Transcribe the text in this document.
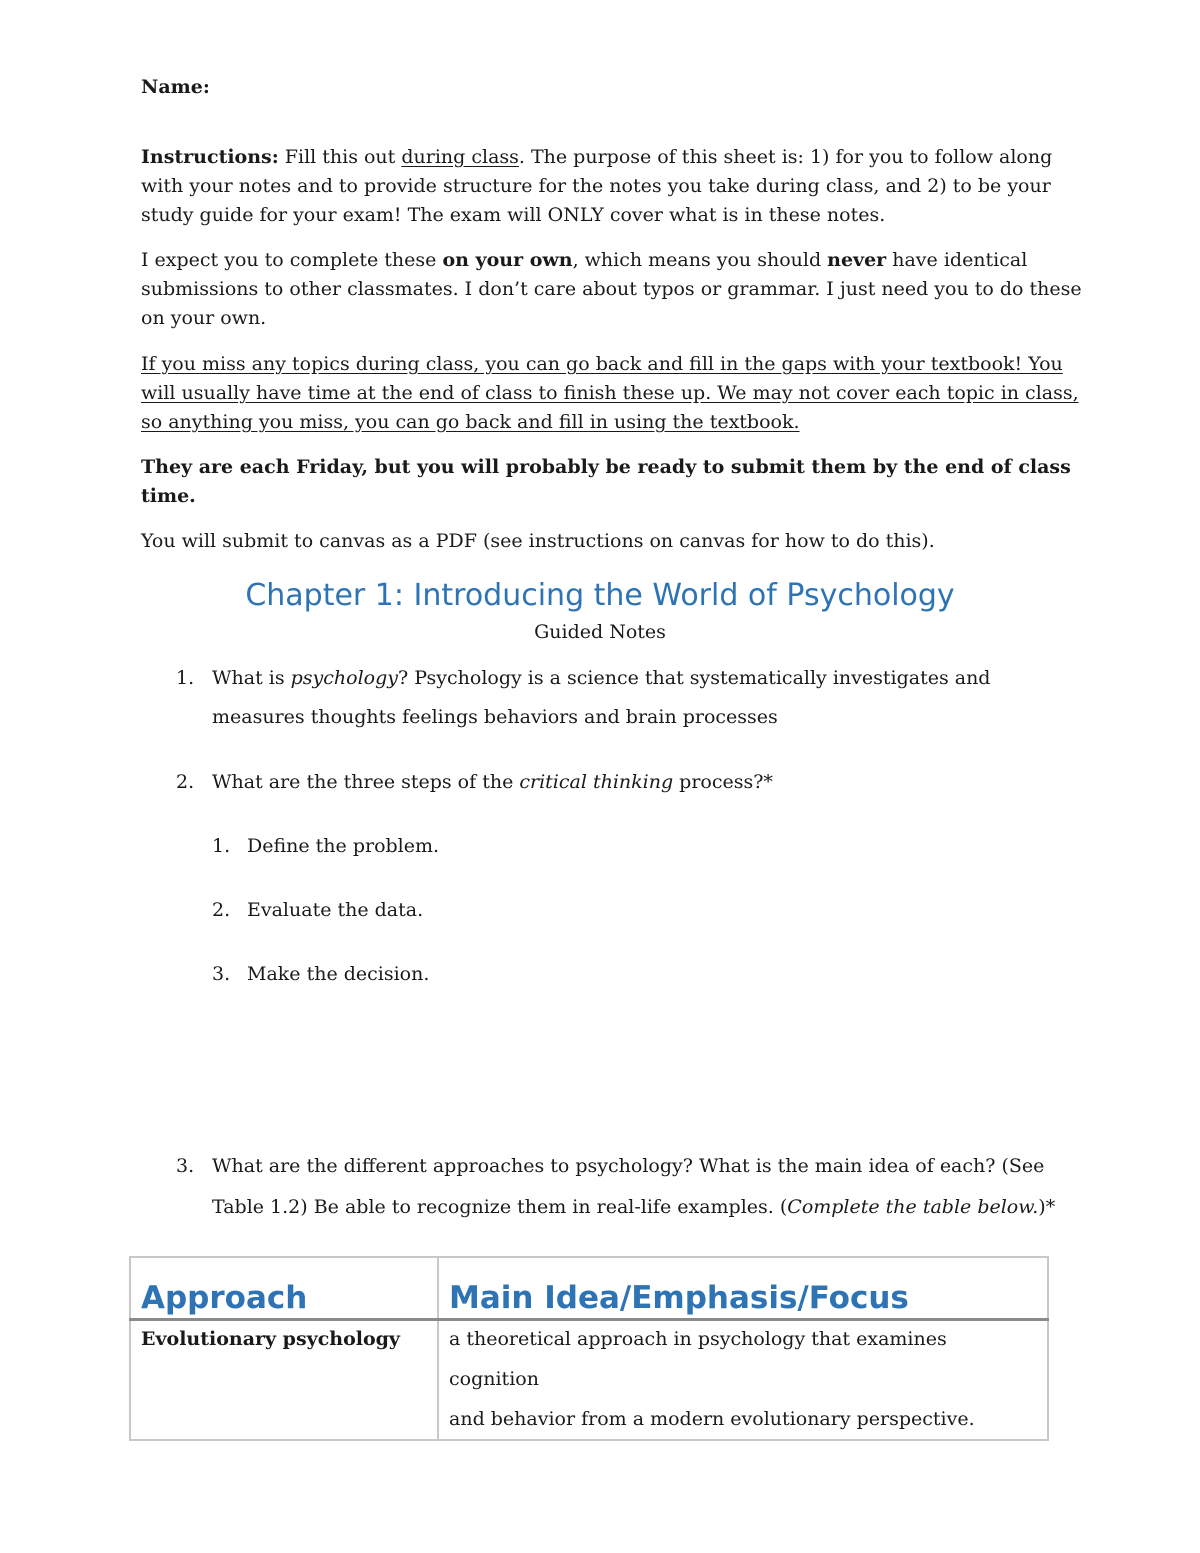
Name:
Instructions: Fill this out during class. The purpose of this sheet is: 1) for you to follow along
with your notes and to provide structure for the notes you take during class, and 2) to be your
study guide for your exam! The exam will ONLY cover what is in these notes.
I expect you to complete these on your own, which means you should never have identical
submissions to other classmates. I don’t care about typos or grammar. I just need you to do these
on your own.
If you miss any topics during class, you can go back and fill in the gaps with your textbook! You
will usually have time at the end of class to finish these up. We may not cover each topic in class,
so anything you miss, you can go back and fill in using the textbook.
They are each Friday, but you will probably be ready to submit them by the end of class
time.
You will submit to canvas as a PDF (see instructions on canvas for how to do this).
Chapter 1: Introducing the World of Psychology
Guided Notes
1. What is psychology? Psychology is a science that systematically investigates and
measures thoughts feelings behaviors and brain processes
2. What are the three steps of the critical thinking process?*
1. Define the problem.
2. Evaluate the data.
3. Make the decision.
3. What are the different approaches to psychology? What is the main idea of each? (See
Table 1.2) Be able to recognize them in real-life examples. (Complete the table below.)*
Approach	Main Idea/Emphasis/Focus

Evolutionary psychology	a theoretical approach in psychology that examines cognition
and behavior from a modern evolutionary perspective.
